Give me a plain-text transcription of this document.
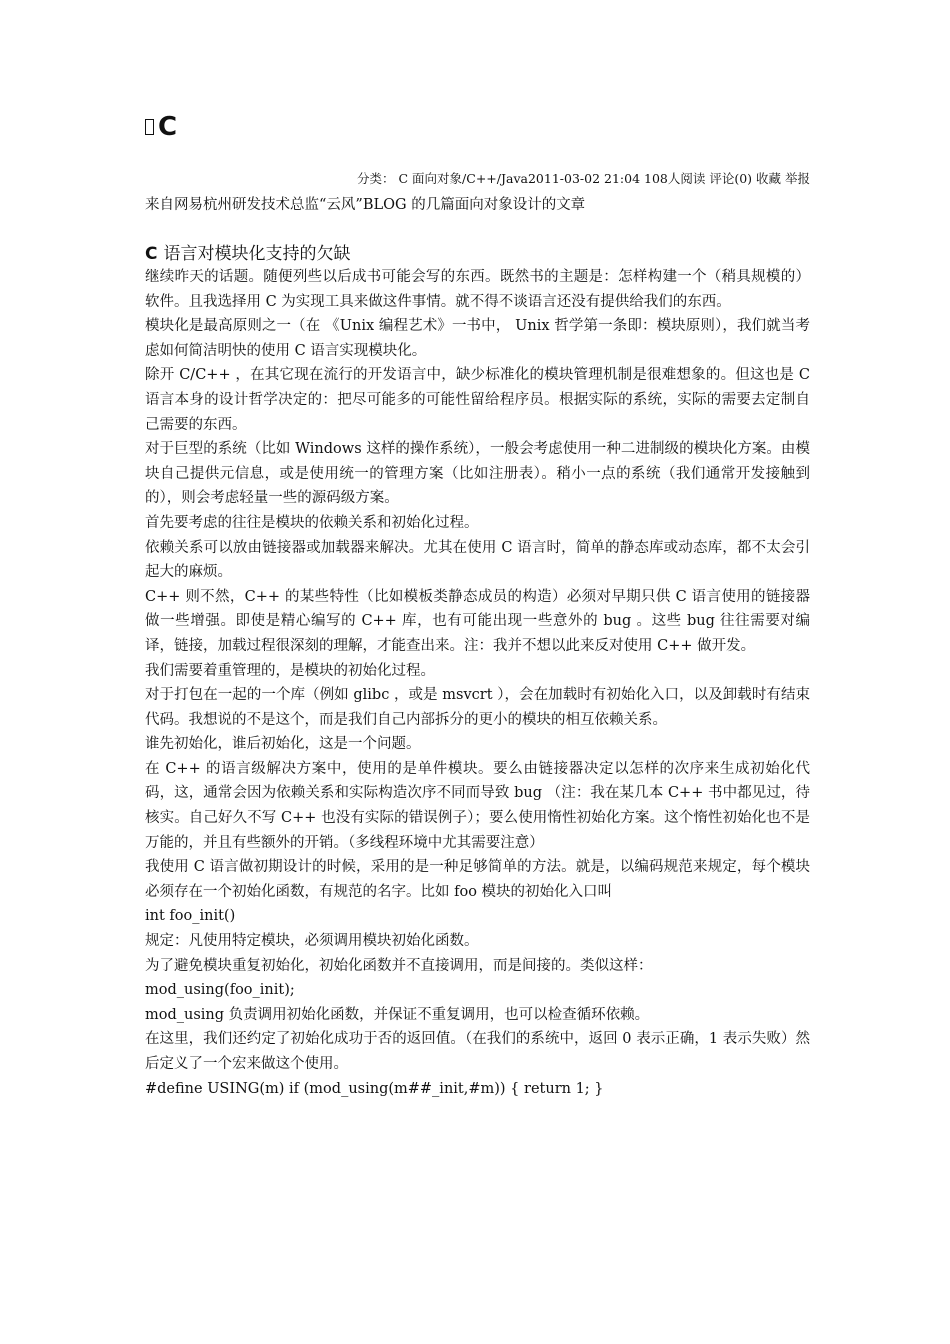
C
分类： C 面向对象/C++/Java2011-03-02 21:04 108人阅读 评论(0) 收藏 举报
来自网易杭州研发技术总监“云风”BLOG 的几篇面向对象设计的文章
C 语言对模块化支持的欠缺

继续昨天的话题。随便列些以后成书可能会写的东西。既然书的主题是：怎样构建一个（稍具规模的）软件。且我选择用 C 为实现工具来做这件事情。就不得不谈语言还没有提供给我们的东西。

模块化是最高原则之一（在 《Unix 编程艺术》一书中， Unix 哲学第一条即：模块原则），我们就当考虑如何简洁明快的使用 C 语言实现模块化。

除开 C/C++ ，在其它现在流行的开发语言中，缺少标准化的模块管理机制是很难想象的。但这也是 C 语言本身的设计哲学决定的：把尽可能多的可能性留给程序员。根据实际的系统，实际的需要去定制自己需要的东西。

对于巨型的系统（比如 Windows 这样的操作系统），一般会考虑使用一种二进制级的模块化方案。由模块自己提供元信息，或是使用统一的管理方案（比如注册表）。稍小一点的系统（我们通常开发接触到的），则会考虑轻量一些的源码级方案。

首先要考虑的往往是模块的依赖关系和初始化过程。

依赖关系可以放由链接器或加载器来解决。尤其在使用 C 语言时，简单的静态库或动态库，都不太会引起大的麻烦。

C++ 则不然，C++ 的某些特性（比如模板类静态成员的构造）必须对早期只供 C 语言使用的链接器做一些增强。即使是精心编写的 C++ 库，也有可能出现一些意外的 bug 。这些 bug 往往需要对编译，链接，加载过程很深刻的理解，才能查出来。注：我并不想以此来反对使用 C++ 做开发。

我们需要着重管理的，是模块的初始化过程。

对于打包在一起的一个库（例如 glibc ，或是 msvcrt ），会在加载时有初始化入口，以及卸载时有结束代码。我想说的不是这个，而是我们自己内部拆分的更小的模块的相互依赖关系。

谁先初始化，谁后初始化，这是一个问题。

在 C++ 的语言级解决方案中，使用的是单件模块。要么由链接器决定以怎样的次序来生成初始化代码，这，通常会因为依赖关系和实际构造次序不同而导致 bug （注：我在某几本 C++ 书中都见过，待核实。自己好久不写 C++ 也没有实际的错误例子）；要么使用惰性初始化方案。这个惰性初始化也不是万能的，并且有些额外的开销。（多线程环境中尤其需要注意）

我使用 C 语言做初期设计的时候，采用的是一种足够简单的方法。就是，以编码规范来规定，每个模块必须存在一个初始化函数，有规范的名字。比如 foo 模块的初始化入口叫

int foo_init()

规定：凡使用特定模块，必须调用模块初始化函数。

为了避免模块重复初始化，初始化函数并不直接调用，而是间接的。类似这样：

mod_using(foo_init);

mod_using 负责调用初始化函数，并保证不重复调用，也可以检查循环依赖。

在这里，我们还约定了初始化成功于否的返回值。（在我们的系统中，返回 0 表示正确，1 表示失败）然后定义了一个宏来做这个使用。

#define USING(m) if (mod_using(m##_init,#m)) { return 1; }
